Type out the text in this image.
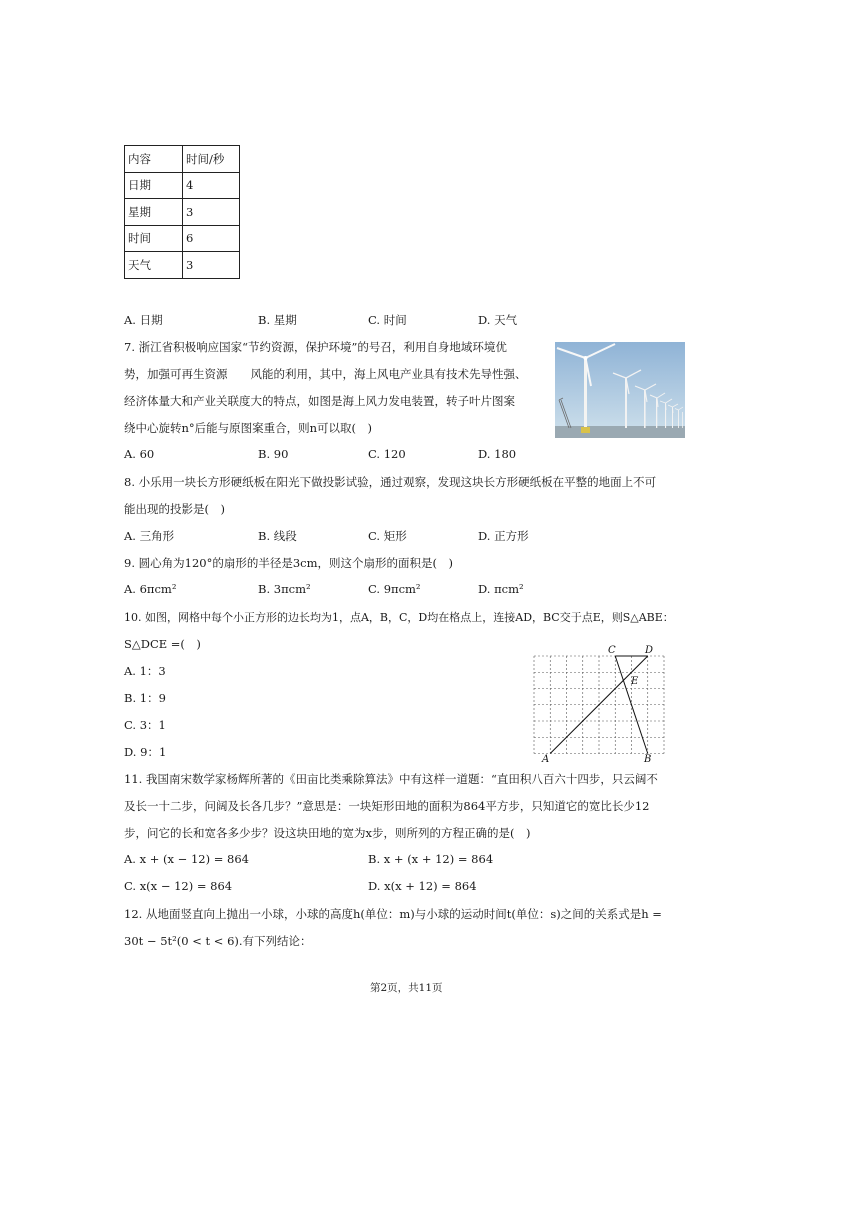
内容	时间/秒
日期	4
星期	3
时间	6
天气	3
A. 日期	B. 星期	C. 时间	D. 天气
7. 浙江省积极响应国家“节约资源，保护环境”的号召，利用自身地域环境优
势，加强可再生资源　　风能的利用，其中，海上风电产业具有技术先导性强、
经济体量大和产业关联度大的特点，如图是海上风力发电装置，转子叶片图案
绕中心旋转n°后能与原图案重合，则n可以取(　)
A. 60	B. 90	C. 120	D. 180
8. 小乐用一块长方形硬纸板在阳光下做投影试验，通过观察，发现这块长方形硬纸板在平整的地面上不可
能出现的投影是(　)
A. 三角形	B. 线段	C. 矩形	D. 正方形
9. 圆心角为120°的扇形的半径是3cm，则这个扇形的面积是(　)
A. 6πcm²	B. 3πcm²	C. 9πcm²	D. πcm²
10. 如图，网格中每个小正方形的边长均为1，点A，B，C，D均在格点上，连接AD，BC交于点E，则S△ABE：
S△DCE =(　)
A. 1：3
B. 1：9
C. 3：1
D. 9：1
A	B
C	D
E
11. 我国南宋数学家杨辉所著的《田亩比类乘除算法》中有这样一道题：“直田积八百六十四步，只云阔不
及长一十二步，问阔及长各几步？”意思是：一块矩形田地的面积为864平方步，只知道它的宽比长少12
步，问它的长和宽各多少步？设这块田地的宽为x步，则所列的方程正确的是(　)
A. x + (x − 12) = 864	B. x + (x + 12) = 864
C. x(x − 12) = 864	D. x(x + 12) = 864
12. 从地面竖直向上抛出一小球，小球的高度h(单位：m)与小球的运动时间t(单位：s)之间的关系式是h =
30t − 5t²(0 < t < 6).有下列结论：
第2页，共11页
